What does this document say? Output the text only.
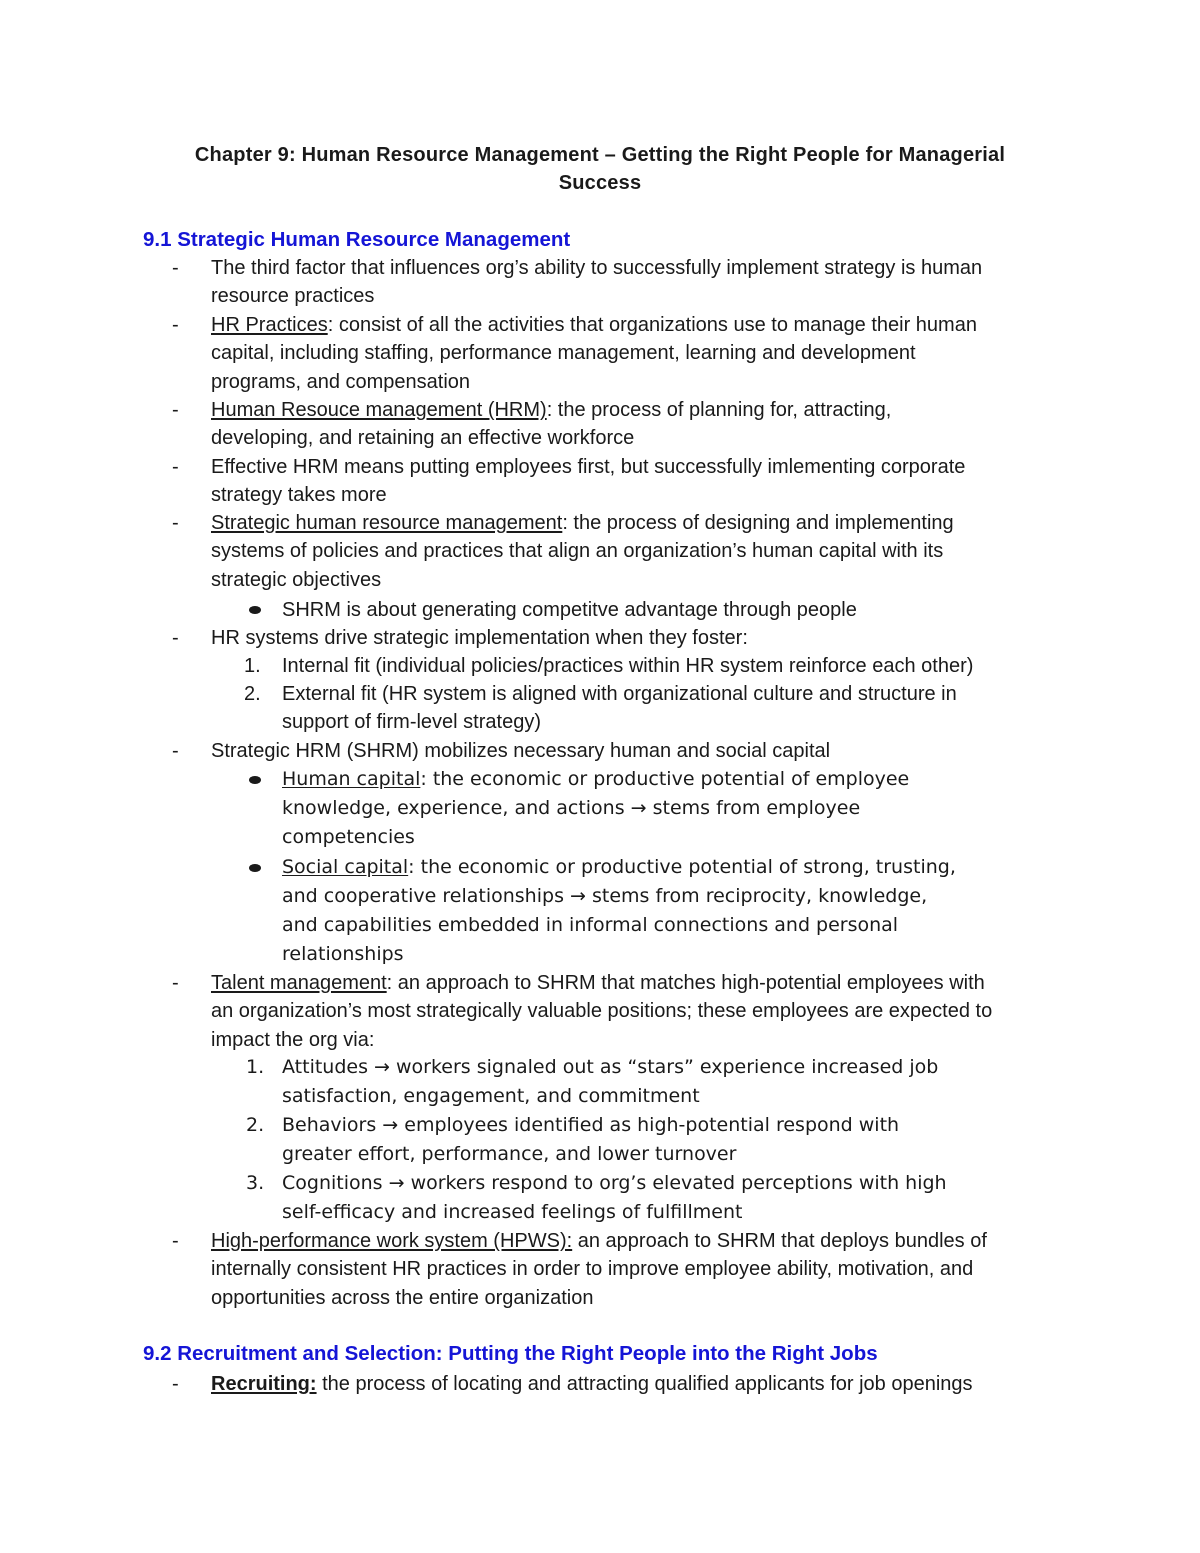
Chapter 9: Human Resource Management – Getting the Right People for Managerial
Success
9.1 Strategic Human Resource Management
- The third factor that influences org’s ability to successfully implement strategy is human
resource practices
- HR Practices: consist of all the activities that organizations use to manage their human
capital, including staffing, performance management, learning and development
programs, and compensation
- Human Resouce management (HRM): the process of planning for, attracting,
developing, and retaining an effective workforce
- Effective HRM means putting employees first, but successfully imlementing corporate
strategy takes more
- Strategic human resource management: the process of designing and implementing
systems of policies and practices that align an organization’s human capital with its
strategic objectives
SHRM is about generating competitve advantage through people
- HR systems drive strategic implementation when they foster:
1. Internal fit (individual policies/practices within HR system reinforce each other)
2. External fit (HR system is aligned with organizational culture and structure in
support of firm-level strategy)
- Strategic HRM (SHRM) mobilizes necessary human and social capital
Human capital: the economic or productive potential of employee
knowledge, experience, and actions → stems from employee
competencies
Social capital: the economic or productive potential of strong, trusting,
and cooperative relationships → stems from reciprocity, knowledge,
and capabilities embedded in informal connections and personal
relationships
- Talent management: an approach to SHRM that matches high-potential employees with
an organization’s most strategically valuable positions; these employees are expected to
impact the org via:
1. Attitudes → workers signaled out as “stars” experience increased job
satisfaction, engagement, and commitment
2. Behaviors → employees identified as high-potential respond with
greater effort, performance, and lower turnover
3. Cognitions → workers respond to org’s elevated perceptions with high
self-efficacy and increased feelings of fulfillment
- High-performance work system (HPWS): an approach to SHRM that deploys bundles of
internally consistent HR practices in order to improve employee ability, motivation, and
opportunities across the entire organization
9.2 Recruitment and Selection: Putting the Right People into the Right Jobs
- Recruiting: the process of locating and attracting qualified applicants for job openings
